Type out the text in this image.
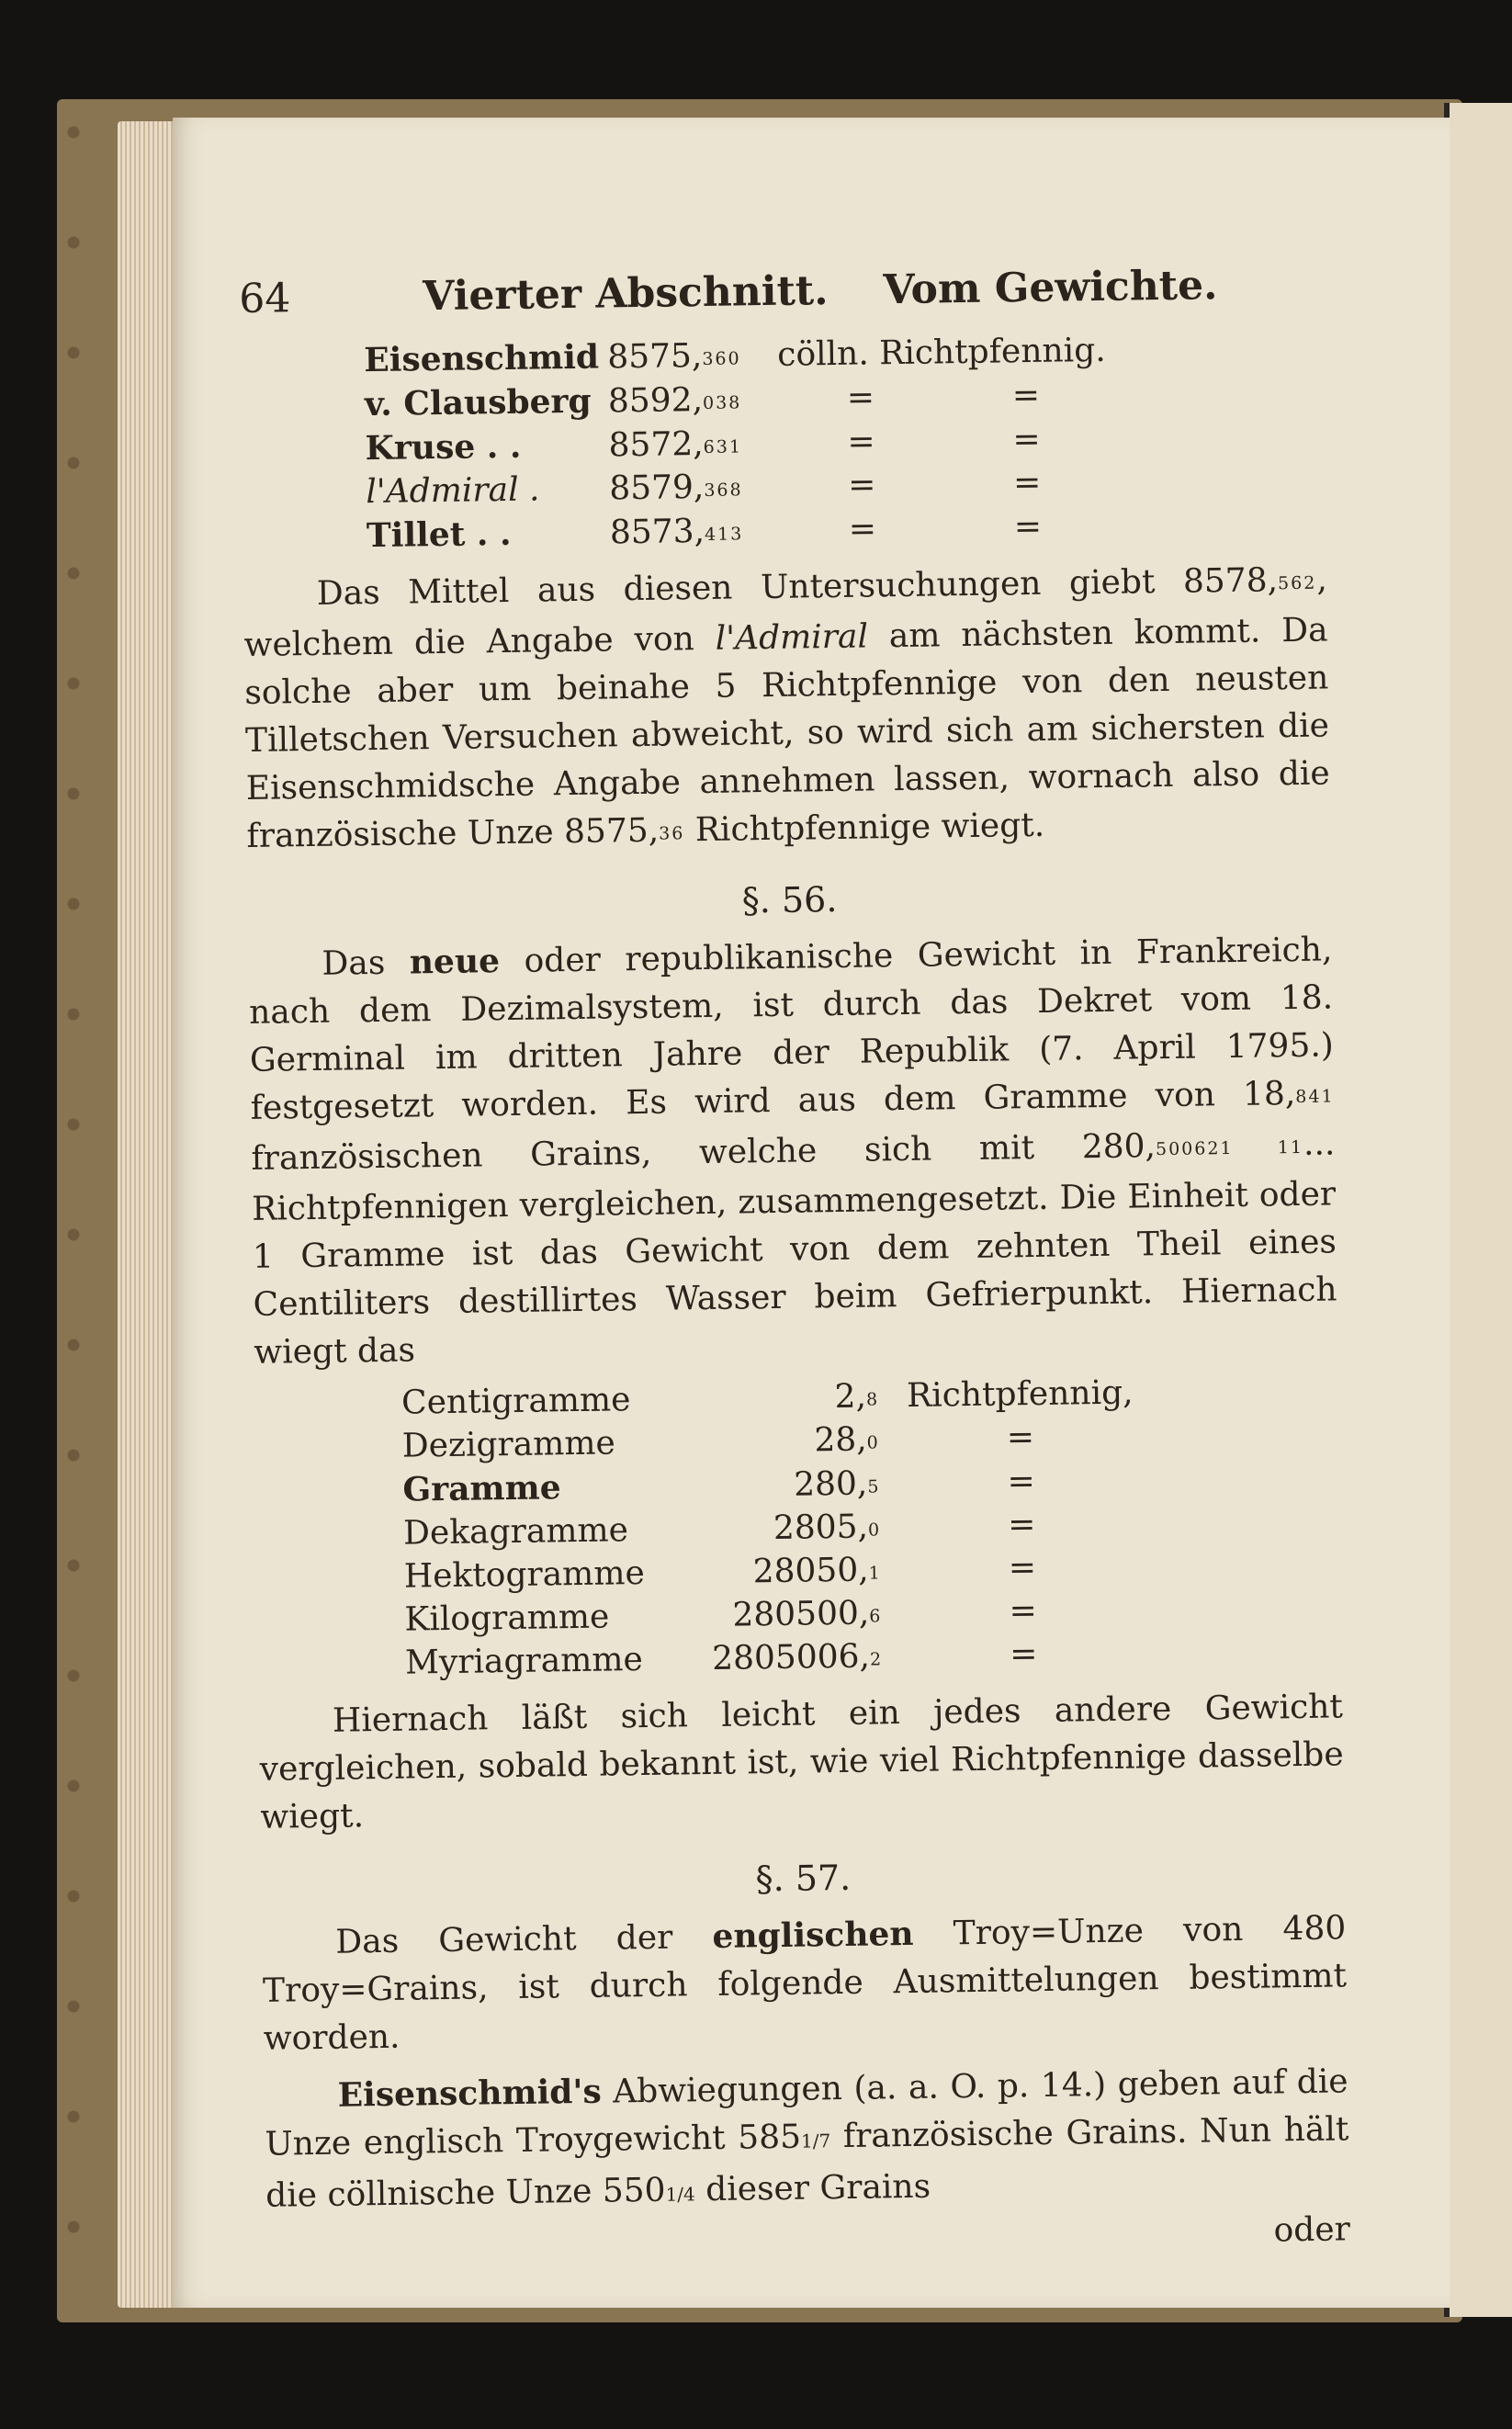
64	Vierter Abschnitt. Vom Gewichte.
Eisenschmid	8575,360	cölln. Richtpfennig.	
v. Clausberg	8592,038	=	=
Kruse . .	8572,631	=	=
l'Admiral .	8579,368	=	=
Tillet . .	8573,413	=	=

Das Mittel aus diesen Untersuchungen giebt 8578,562, welchem die Angabe von l'Admiral am nächsten kommt. Da solche aber um beinahe 5 Richtpfennige von den neusten Tilletschen Versuchen abweicht, so wird sich am sichersten die Eisenschmidsche Angabe annehmen lassen, wornach also die französische Unze 8575,36 Richtpfennige wiegt.

§. 56.

Das neue oder republikanische Gewicht in Frankreich, nach dem Dezimalsystem, ist durch das Dekret vom 18. Germinal im dritten Jahre der Republik (7. April 1795.) festgesetzt worden. Es wird aus dem Gramme von 18,841 französischen Grains, welche sich mit 280,500621 11... Richtpfennigen vergleichen, zusammengesetzt. Die Einheit oder 1 Gramme ist das Gewicht von dem zehnten Theil eines Centiliters destillirtes Wasser beim Gefrierpunkt. Hiernach wiegt das

Centigramme	2,8	Richtpfennig,
Dezigramme	28,0	=
Gramme	280,5	=
Dekagramme	2805,0	=
Hektogramme	28050,1	=
Kilogramme	280500,6	=
Myriagramme	2805006,2	=

Hiernach läßt sich leicht ein jedes andere Gewicht vergleichen, sobald bekannt ist, wie viel Richtpfennige dasselbe wiegt.

§. 57.

Das Gewicht der englischen Troy=Unze von 480 Troy=Grains, ist durch folgende Ausmittelungen bestimmt worden.

Eisenschmid's Abwiegungen (a. a. O. p. 14.) geben auf die Unze englisch Troygewicht 5851/7 französische Grains. Nun hält die cöllnische Unze 5501/4 dieser Grains

oder
